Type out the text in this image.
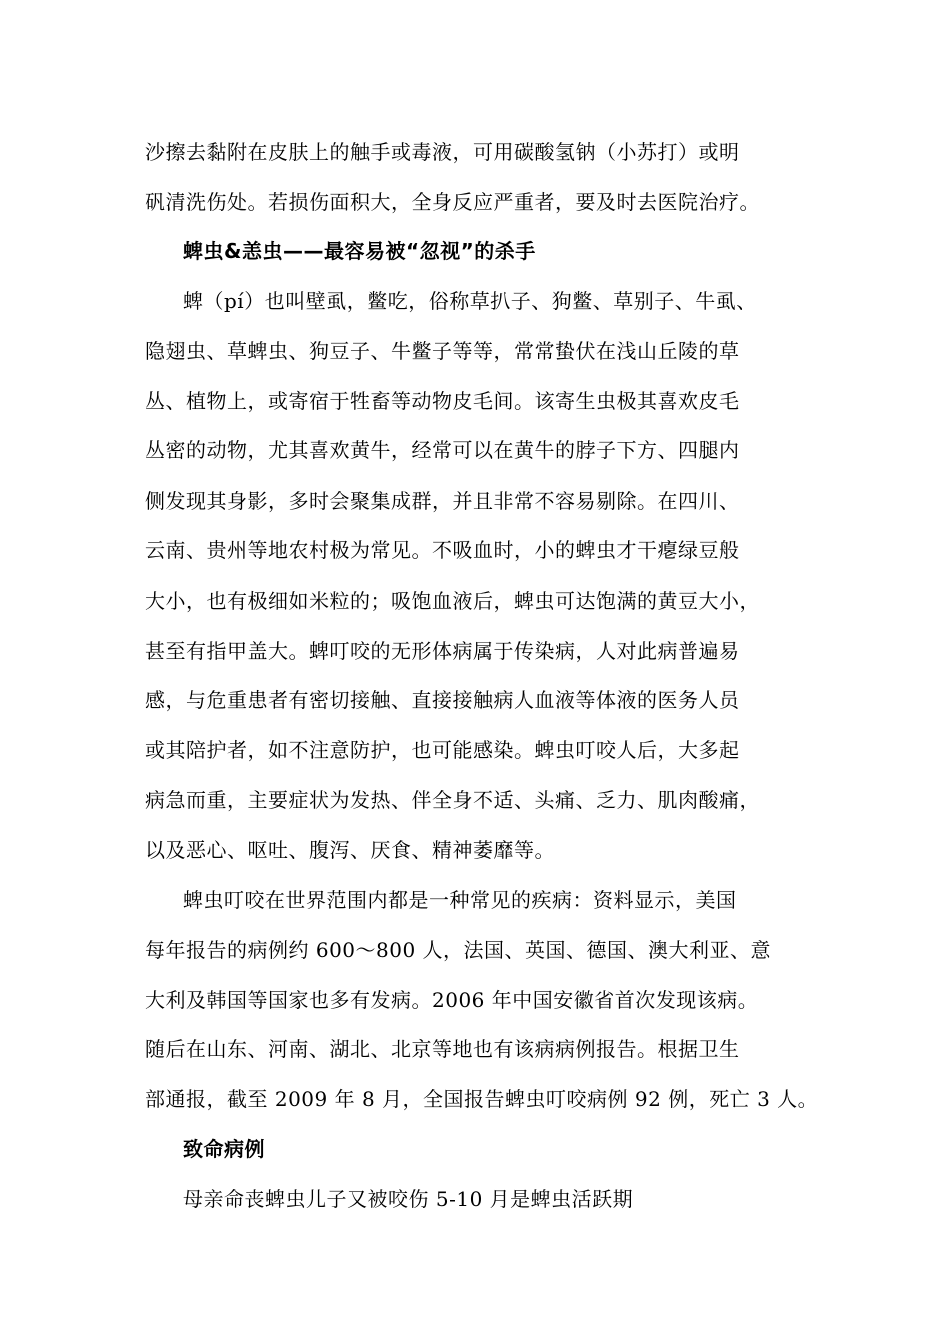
沙擦去黏附在皮肤上的触手或毒液，可用碳酸氢钠（小苏打）或明
矾清洗伤处。若损伤面积大，全身反应严重者，要及时去医院治疗。
蜱虫&恙虫——最容易被“忽视”的杀手
蜱（pí）也叫壁虱，鳖吃，俗称草扒子、狗鳖、草别子、牛虱、
隐翅虫、草蜱虫、狗豆子、牛鳖子等等，常常蛰伏在浅山丘陵的草
丛、植物上，或寄宿于牲畜等动物皮毛间。该寄生虫极其喜欢皮毛
丛密的动物，尤其喜欢黄牛，经常可以在黄牛的脖子下方、四腿内
侧发现其身影，多时会聚集成群，并且非常不容易剔除。在四川、
云南、贵州等地农村极为常见。不吸血时，小的蜱虫才干瘪绿豆般
大小，也有极细如米粒的；吸饱血液后，蜱虫可达饱满的黄豆大小，
甚至有指甲盖大。蜱叮咬的无形体病属于传染病，人对此病普遍易
感，与危重患者有密切接触、直接接触病人血液等体液的医务人员
或其陪护者，如不注意防护，也可能感染。蜱虫叮咬人后，大多起
病急而重，主要症状为发热、伴全身不适、头痛、乏力、肌肉酸痛，
以及恶心、呕吐、腹泻、厌食、精神萎靡等。
蜱虫叮咬在世界范围内都是一种常见的疾病：资料显示，美国
每年报告的病例约 600～800 人，法国、英国、德国、澳大利亚、意
大利及韩国等国家也多有发病。2006 年中国安徽省首次发现该病。
随后在山东、河南、湖北、北京等地也有该病病例报告。根据卫生
部通报，截至 2009 年 8 月，全国报告蜱虫叮咬病例 92 例，死亡 3 人。
致命病例
母亲命丧蜱虫儿子又被咬伤 5-10 月是蜱虫活跃期
